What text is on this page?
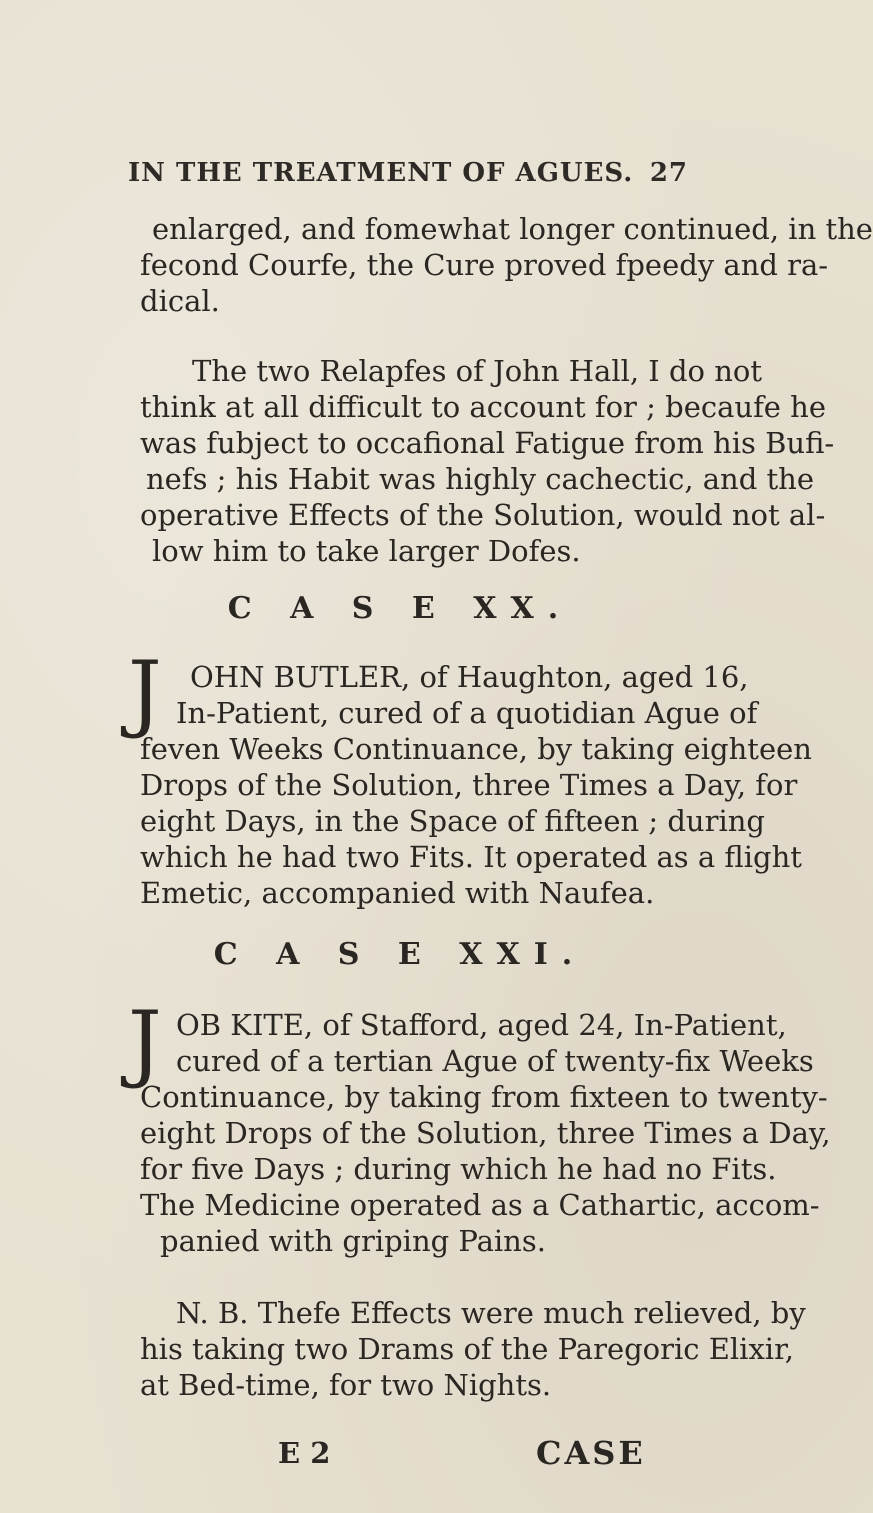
IN THE TREATMENT OF AGUES. 27
enlarged, and fomewhat longer continued, in the
fecond Courfe, the Cure proved fpeedy and ra-
dical.
The two Relapfes of John Hall, I do not
think at all difficult to account for ; becaufe he
was fubject to occafional Fatigue from his Bufi-
nefs ; his Habit was highly cachectic, and the
operative Effects of the Solution, would not al-
low him to take larger Dofes.
C A S E XX.
J OHN BUTLER, of Haughton, aged 16,
In-Patient, cured of a quotidian Ague of
feven Weeks Continuance, by taking eighteen
Drops of the Solution, three Times a Day, for
eight Days, in the Space of fifteen ; during
which he had two Fits. It operated as a flight
Emetic, accompanied with Naufea.
C A S E XXI.
J OB KITE, of Stafford, aged 24, In-Patient,
cured of a tertian Ague of twenty-fix Weeks
Continuance, by taking from fixteen to twenty-
eight Drops of the Solution, three Times a Day,
for five Days ; during which he had no Fits.
The Medicine operated as a Cathartic, accom-
panied with griping Pains.
N. B. Thefe Effects were much relieved, by
his taking two Drams of the Paregoric Elixir,
at Bed-time, for two Nights.
E 2	CASE
